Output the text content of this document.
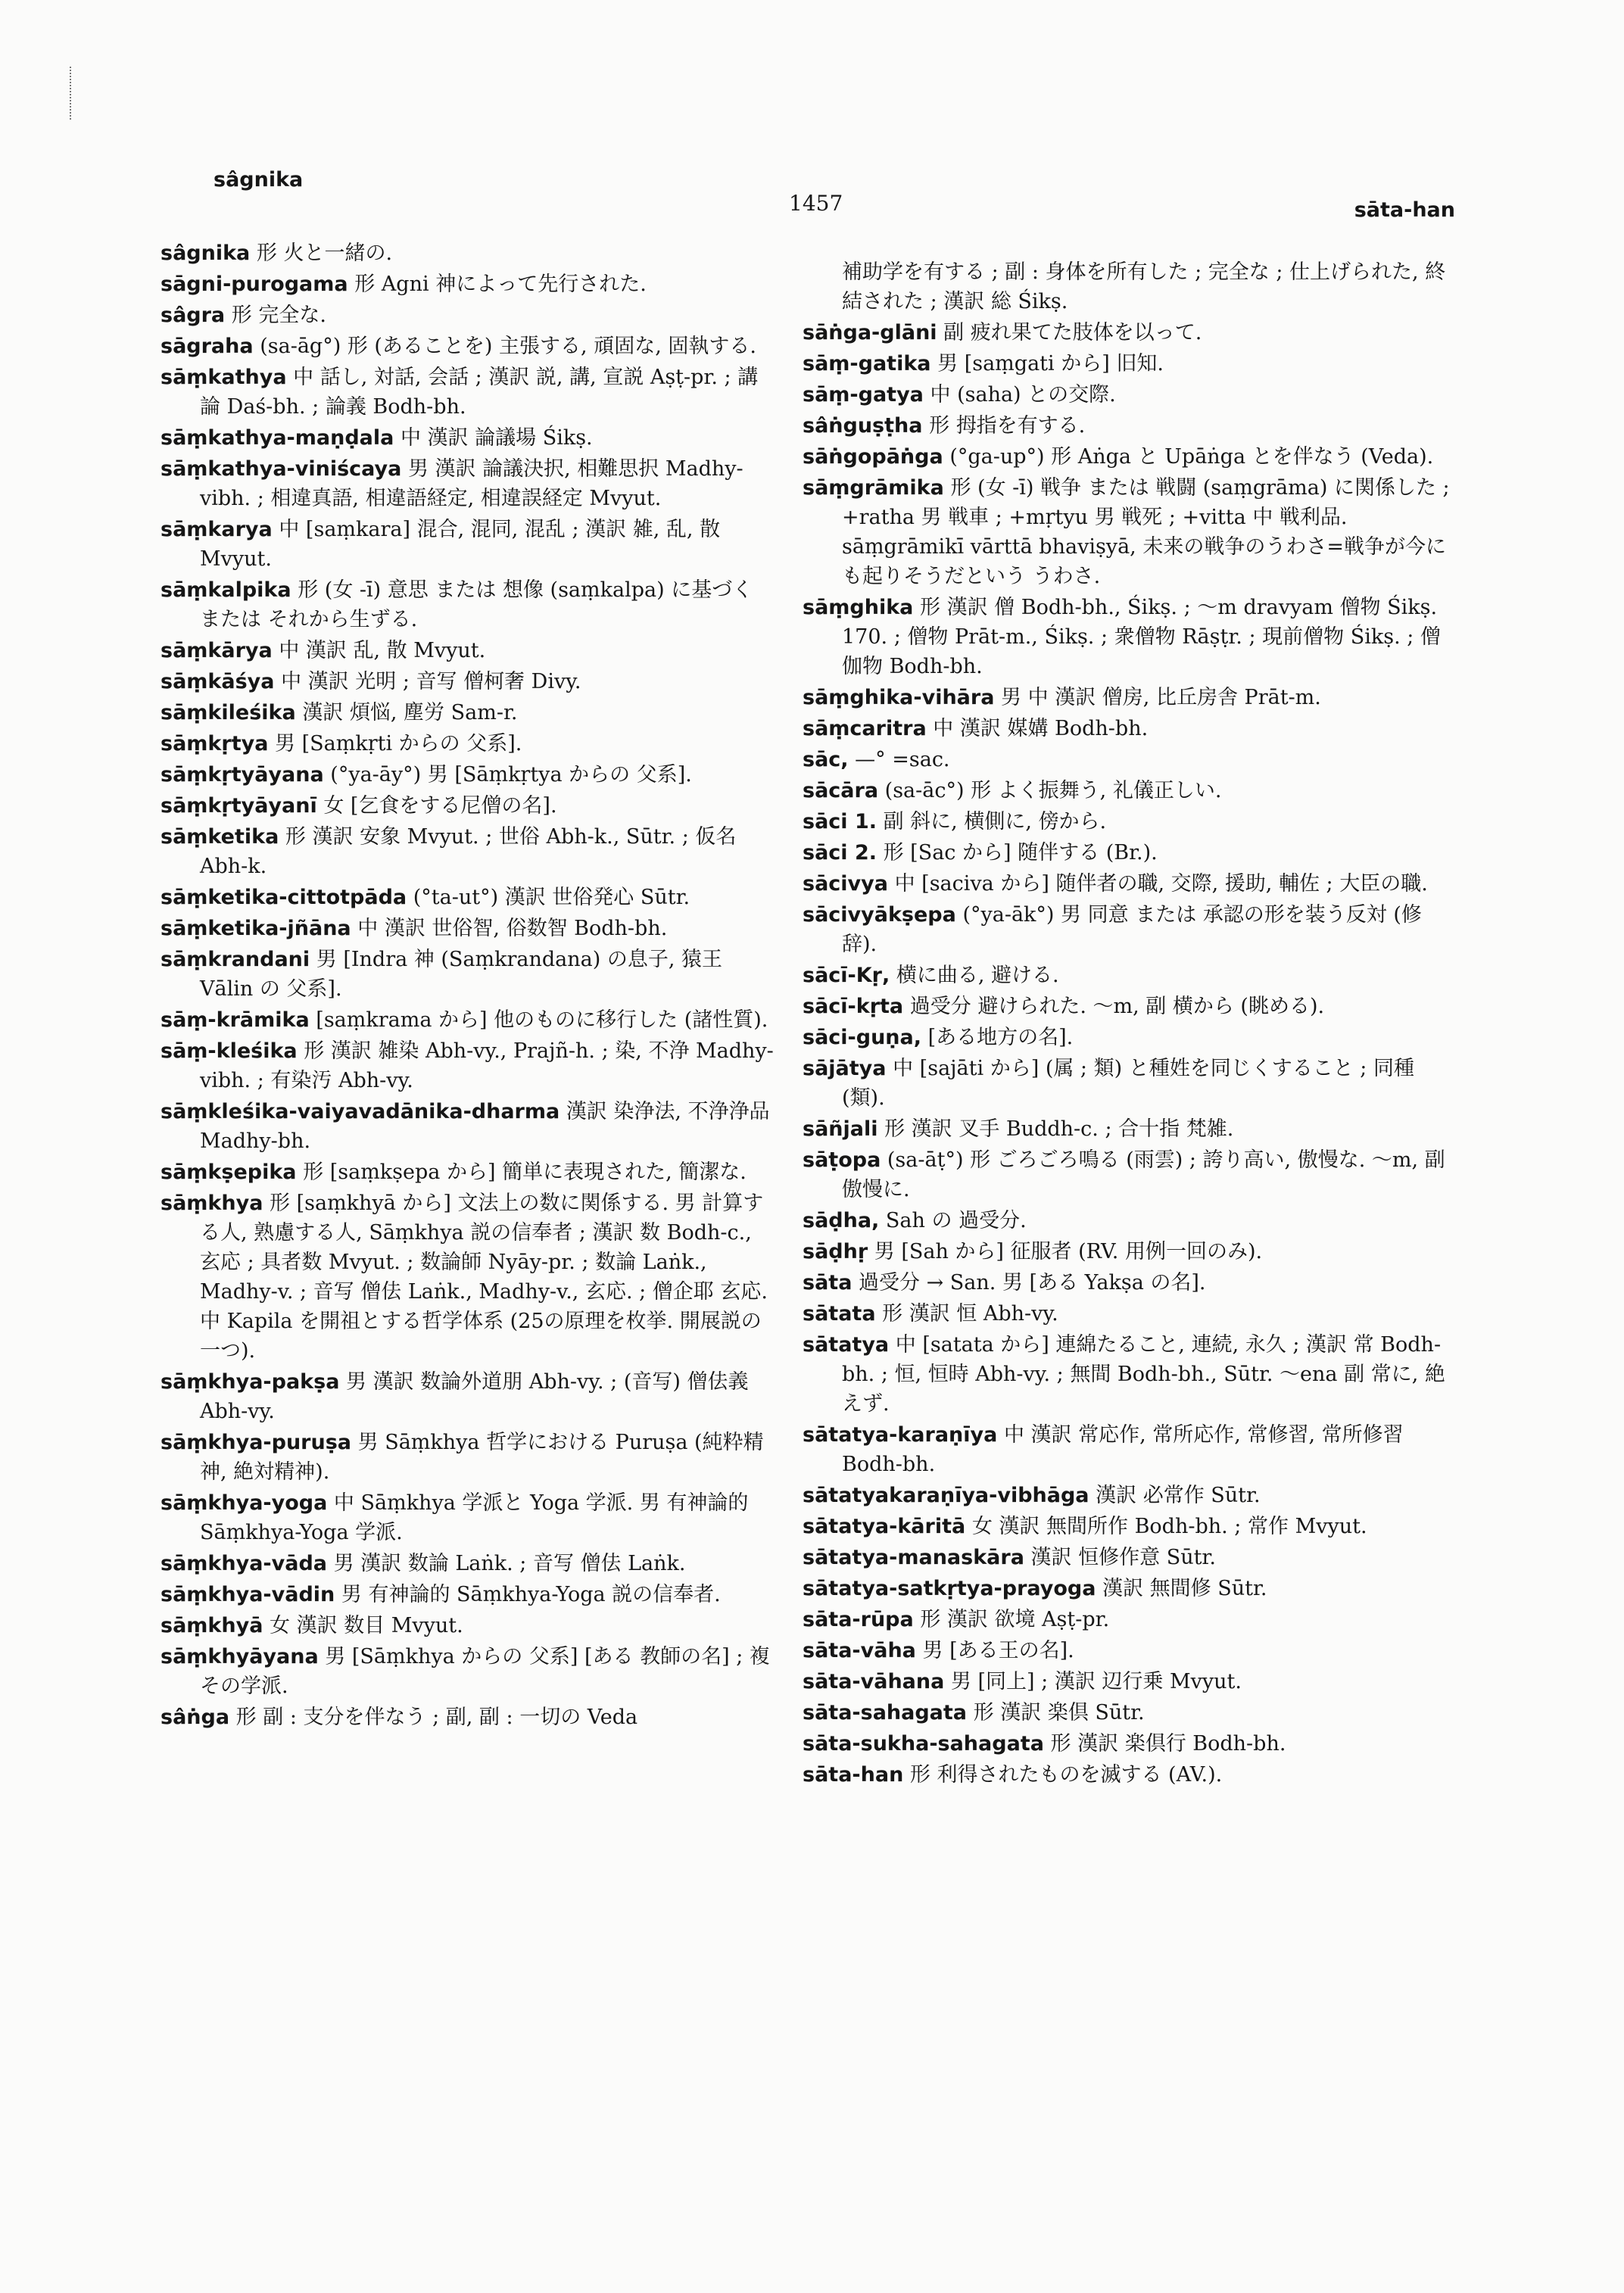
sâgnika
1457	sāta-han
sâgnika 形 火と一緒の.
sāgni-purogama 形 Agni 神によって先行された.
sâgra 形 完全な.
sāgraha (sa-āg°) 形 (あることを) 主張する, 頑固な, 固執する.
sāṃkathya 中 話し, 対話, 会話 ; 漢訳 説, 講, 宣説 Aṣṭ-pr. ; 講論 Daś-bh. ; 論義 Bodh-bh.
sāṃkathya-maṇḍala 中 漢訳 論議場 Śikṣ.
sāṃkathya-viniścaya 男 漢訳 論議決択, 相難思択 Madhy-vibh. ; 相違真語, 相違語経定, 相違誤経定 Mvyut.
sāṃkarya 中 [saṃkara] 混合, 混同, 混乱 ; 漢訳 雑, 乱, 散 Mvyut.
sāṃkalpika 形 (女 -ī) 意思 または 想像 (saṃkalpa) に基づく または それから生ずる.
sāṃkārya 中 漢訳 乱, 散 Mvyut.
sāṃkāśya 中 漢訳 光明 ; 音写 僧柯奢 Divy.
sāṃkileśika 漢訳 煩悩, 塵労 Sam-r.
sāṃkṛtya 男 [Saṃkṛti からの 父系].
sāṃkṛtyāyana (°ya-āy°) 男 [Sāṃkṛtya からの 父系].
sāṃkṛtyāyanī 女 [乞食をする尼僧の名].
sāṃketika 形 漢訳 安象 Mvyut. ; 世俗 Abh-k., Sūtr. ; 仮名 Abh-k.
sāṃketika-cittotpāda (°ta-ut°) 漢訳 世俗発心 Sūtr.
sāṃketika-jñāna 中 漢訳 世俗智, 俗数智 Bodh-bh.
sāṃkrandani 男 [Indra 神 (Saṃkrandana) の息子, 猿王 Vālin の 父系].
sāṃ-krāmika [saṃkrama から] 他のものに移行した (諸性質).
sāṃ-kleśika 形 漢訳 雑染 Abh-vy., Prajñ-h. ; 染, 不浄 Madhy-vibh. ; 有染汚 Abh-vy.
sāṃkleśika-vaiyavadānika-dharma 漢訳 染浄法, 不浄浄品 Madhy-bh.
sāṃkṣepika 形 [saṃkṣepa から] 簡単に表現された, 簡潔な.
sāṃkhya 形 [saṃkhyā から] 文法上の数に関係する. 男 計算する人, 熟慮する人, Sāṃkhya 説の信奉者 ; 漢訳 数 Bodh-c., 玄応 ; 具者数 Mvyut. ; 数論師 Nyāy-pr. ; 数論 Laṅk., Madhy-v. ; 音写 僧佉 Laṅk., Madhy-v., 玄応. ; 僧企耶 玄応. 中 Kapila を開祖とする哲学体系 (25の原理を枚挙. 開展説の一つ).
sāṃkhya-pakṣa 男 漢訳 数論外道朋 Abh-vy. ; (音写) 僧佉義 Abh-vy.
sāṃkhya-puruṣa 男 Sāṃkhya 哲学における Puruṣa (純粋精神, 絶対精神).
sāṃkhya-yoga 中 Sāṃkhya 学派と Yoga 学派. 男 有神論的 Sāṃkhya-Yoga 学派.
sāṃkhya-vāda 男 漢訳 数論 Laṅk. ; 音写 僧佉 Laṅk.
sāṃkhya-vādin 男 有神論的 Sāṃkhya-Yoga 説の信奉者.
sāṃkhyā 女 漢訳 数目 Mvyut.
sāṃkhyāyana 男 [Sāṃkhya からの 父系] [ある 教師の名] ; 複 その学派.
sâṅga 形 副 : 支分を伴なう ; 副, 副 : 一切の Veda
補助学を有する ; 副 : 身体を所有した ; 完全な ; 仕上げられた, 終結された ; 漢訳 総 Śikṣ.
sāṅga-glāni 副 疲れ果てた肢体を以って.
sāṃ-gatika 男 [saṃgati から] 旧知.
sāṃ-gatya 中 (saha) との交際.
sâṅguṣṭha 形 拇指を有する.
sāṅgopāṅga (°ga-up°) 形 Aṅga と Upāṅga とを伴なう (Veda).
sāṃgrāmika 形 (女 -ī) 戦争 または 戦闘 (saṃgrāma) に関係した ; +ratha 男 戦車 ; +mṛtyu 男 戦死 ; +vitta 中 戦利品. sāṃgrāmikī vārttā bhaviṣyā, 未来の戦争のうわさ=戦争が今にも起りそうだという うわさ.
sāṃghika 形 漢訳 僧 Bodh-bh., Śikṣ. ; ～m dravyam 僧物 Śikṣ. 170. ; 僧物 Prāt-m., Śikṣ. ; 衆僧物 Rāṣṭr. ; 現前僧物 Śikṣ. ; 僧伽物 Bodh-bh.
sāṃghika-vihāra 男 中 漢訳 僧房, 比丘房舎 Prāt-m.
sāṃcaritra 中 漢訳 媒媾 Bodh-bh.
sāc, —° =sac.
sācāra (sa-āc°) 形 よく振舞う, 礼儀正しい.
sāci 1. 副 斜に, 横側に, 傍から.
sāci 2. 形 [Sac から] 随伴する (Br.).
sācivya 中 [saciva から] 随伴者の職, 交際, 援助, 輔佐 ; 大臣の職.
sācivyākṣepa (°ya-āk°) 男 同意 または 承認の形を装う反対 (修辞).
sācī-Kṛ, 横に曲る, 避ける.
sācī-kṛta 過受分 避けられた. ～m, 副 横から (眺める).
sāci-guṇa, [ある地方の名].
sājātya 中 [sajāti から] (属 ; 類) と種姓を同じくすること ; 同種 (類).
sāñjali 形 漢訳 叉手 Buddh-c. ; 合十指 梵雑.
sāṭopa (sa-āṭ°) 形 ごろごろ鳴る (雨雲) ; 誇り高い, 傲慢な. ～m, 副 傲慢に.
sāḍha, Sah の 過受分.
sāḍhṛ 男 [Sah から] 征服者 (RV. 用例一回のみ).
sāta 過受分 → San. 男 [ある Yakṣa の名].
sātata 形 漢訳 恒 Abh-vy.
sātatya 中 [satata から] 連綿たること, 連続, 永久 ; 漢訳 常 Bodh-bh. ; 恒, 恒時 Abh-vy. ; 無間 Bodh-bh., Sūtr. ～ena 副 常に, 絶えず.
sātatya-karaṇīya 中 漢訳 常応作, 常所応作, 常修習, 常所修習 Bodh-bh.
sātatyakaraṇīya-vibhāga 漢訳 必常作 Sūtr.
sātatya-kāritā 女 漢訳 無間所作 Bodh-bh. ; 常作 Mvyut.
sātatya-manaskāra 漢訳 恒修作意 Sūtr.
sātatya-satkṛtya-prayoga 漢訳 無間修 Sūtr.
sāta-rūpa 形 漢訳 欲境 Aṣṭ-pr.
sāta-vāha 男 [ある王の名].
sāta-vāhana 男 [同上] ; 漢訳 辺行乗 Mvyut.
sāta-sahagata 形 漢訳 楽倶 Sūtr.
sāta-sukha-sahagata 形 漢訳 楽倶行 Bodh-bh.
sāta-han 形 利得されたものを滅する (AV.).
